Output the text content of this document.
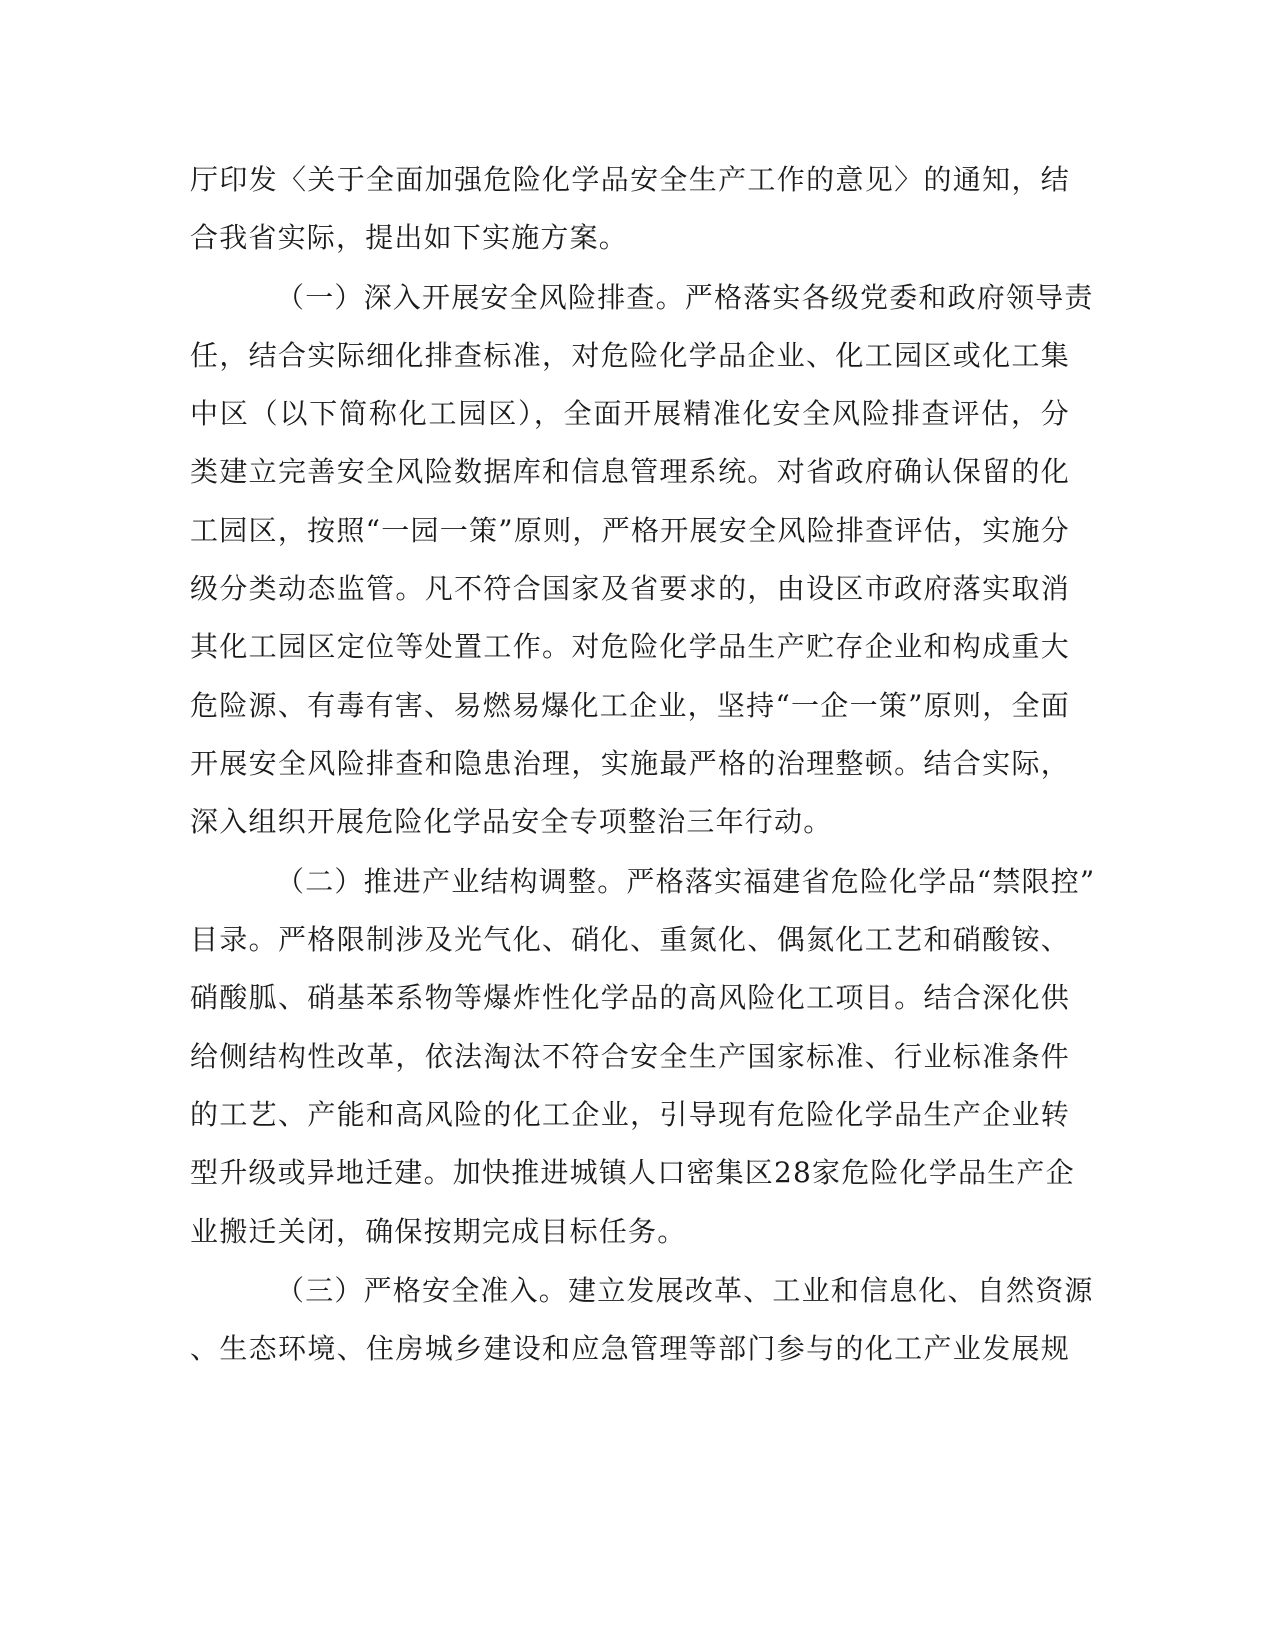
厅印发〈关于全面加强危险化学品安全生产工作的意见〉的通知，结
合我省实际，提出如下实施方案。
（一）深入开展安全风险排查。严格落实各级党委和政府领导责
任，结合实际细化排查标准，对危险化学品企业、化工园区或化工集
中区（以下简称化工园区），全面开展精准化安全风险排查评估，分
类建立完善安全风险数据库和信息管理系统。对省政府确认保留的化
工园区，按照“一园一策”原则，严格开展安全风险排查评估，实施分
级分类动态监管。凡不符合国家及省要求的，由设区市政府落实取消
其化工园区定位等处置工作。对危险化学品生产贮存企业和构成重大
危险源、有毒有害、易燃易爆化工企业，坚持“一企一策”原则，全面
开展安全风险排查和隐患治理，实施最严格的治理整顿。结合实际，
深入组织开展危险化学品安全专项整治三年行动。
（二）推进产业结构调整。严格落实福建省危险化学品“禁限控”
目录。严格限制涉及光气化、硝化、重氮化、偶氮化工艺和硝酸铵、
硝酸胍、硝基苯系物等爆炸性化学品的高风险化工项目。结合深化供
给侧结构性改革，依法淘汰不符合安全生产国家标准、行业标准条件
的工艺、产能和高风险的化工企业，引导现有危险化学品生产企业转
型升级或异地迁建。加快推进城镇人口密集区28家危险化学品生产企
业搬迁关闭，确保按期完成目标任务。
（三）严格安全准入。建立发展改革、工业和信息化、自然资源
、生态环境、住房城乡建设和应急管理等部门参与的化工产业发展规
